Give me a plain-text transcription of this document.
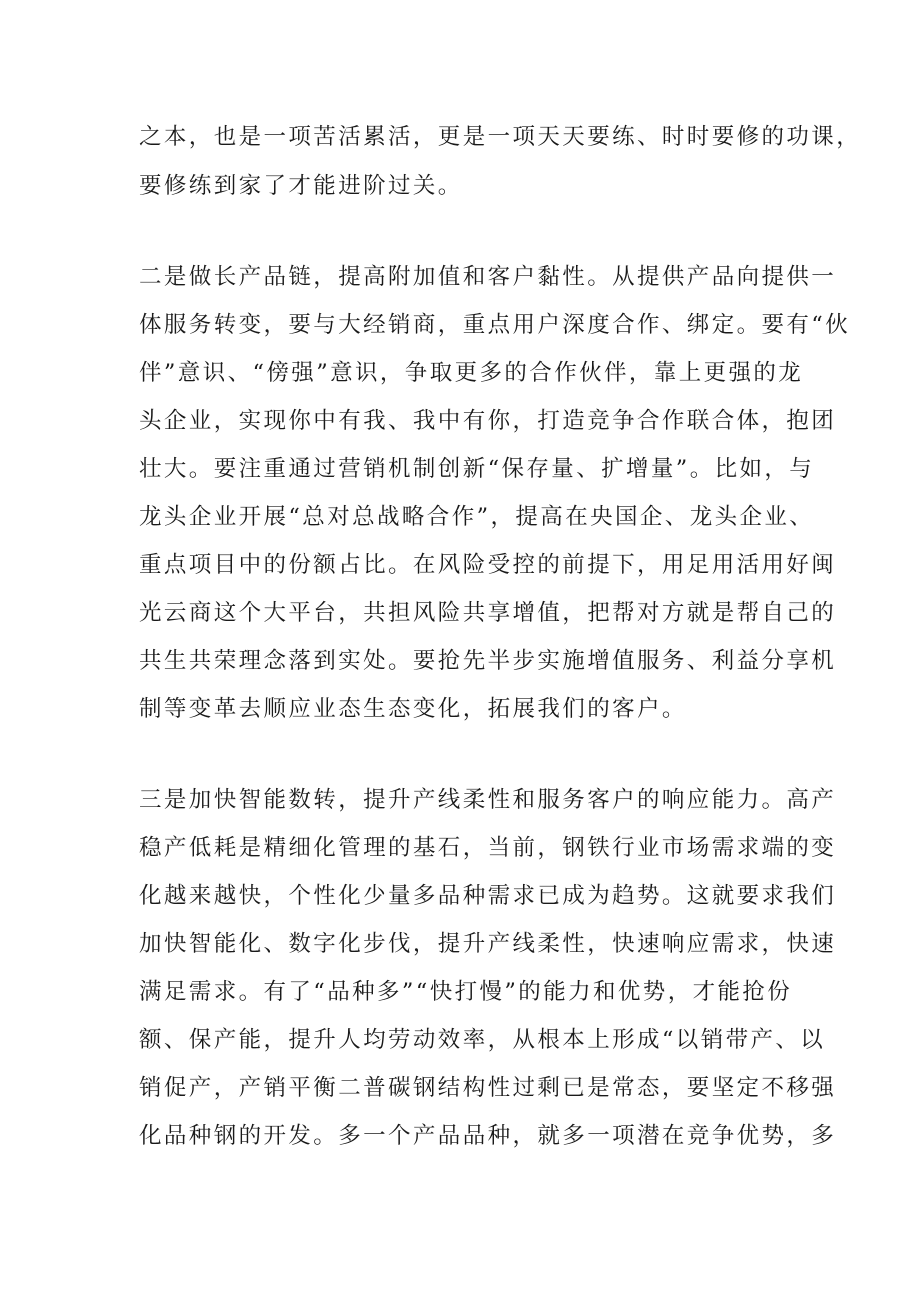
之本，也是一项苦活累活，更是一项天天要练、时时要修的功课，
要修练到家了才能进阶过关。
二是做长产品链，提高附加值和客户黏性。从提供产品向提供一
体服务转变，要与大经销商，重点用户深度合作、绑定。要有“伙
伴”意识、“傍强”意识，争取更多的合作伙伴，靠上更强的龙
头企业，实现你中有我、我中有你，打造竞争合作联合体，抱团
壮大。要注重通过营销机制创新“保存量、扩增量”。比如，与
龙头企业开展“总对总战略合作”，提高在央国企、龙头企业、
重点项目中的份额占比。在风险受控的前提下，用足用活用好闽
光云商这个大平台，共担风险共享增值，把帮对方就是帮自己的
共生共荣理念落到实处。要抢先半步实施增值服务、利益分享机
制等变革去顺应业态生态变化，拓展我们的客户。
三是加快智能数转，提升产线柔性和服务客户的响应能力。高产
稳产低耗是精细化管理的基石，当前，钢铁行业市场需求端的变
化越来越快，个性化少量多品种需求已成为趋势。这就要求我们
加快智能化、数字化步伐，提升产线柔性，快速响应需求，快速
满足需求。有了“品种多”“快打慢”的能力和优势，才能抢份
额、保产能，提升人均劳动效率，从根本上形成“以销带产、以
销促产，产销平衡二普碳钢结构性过剩已是常态，要坚定不移强
化品种钢的开发。多一个产品品种，就多一项潜在竞争优势，多
